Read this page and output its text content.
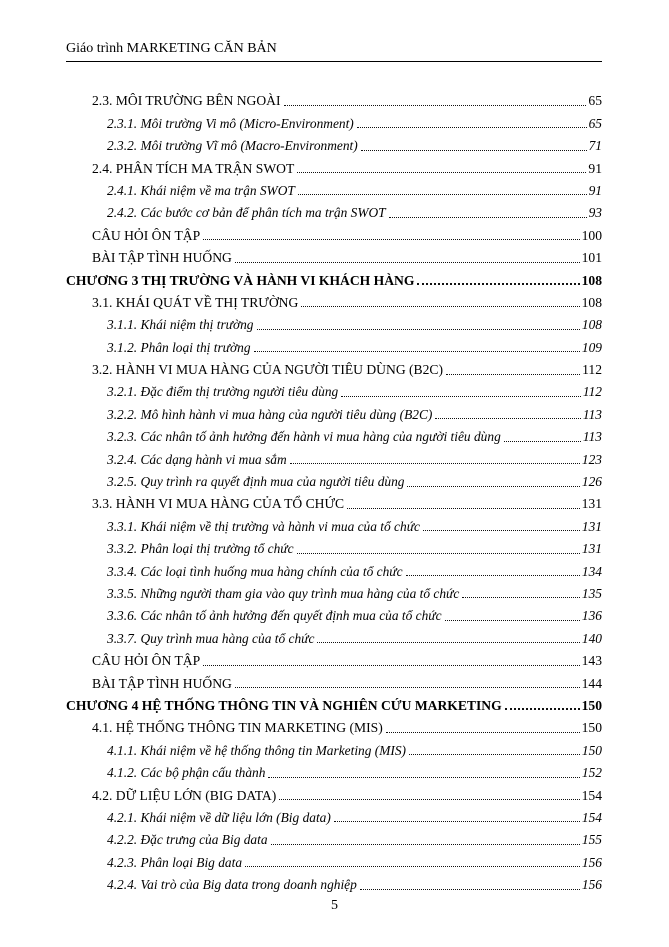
Giáo trình MARKETING CĂN BẢN
2.3. MÔI TRƯỜNG BÊN NGOÀI	65
2.3.1. Môi trường Vi mô (Micro-Environment)	65
2.3.2. Môi trường Vĩ mô (Macro-Environment)	71
2.4. PHÂN TÍCH MA TRẬN SWOT	91
2.4.1. Khái niệm về ma trận SWOT	91
2.4.2. Các bước cơ bản để phân tích ma trận SWOT	93
CÂU HỎI ÔN TẬP	100
BÀI TẬP TÌNH HUỐNG	101
CHƯƠNG 3 THỊ TRƯỜNG VÀ HÀNH VI KHÁCH HÀNG	108
3.1. KHÁI QUÁT VỀ THỊ TRƯỜNG	108
3.1.1. Khái niệm thị trường	108
3.1.2. Phân loại thị trường	109
3.2. HÀNH VI MUA HÀNG CỦA NGƯỜI TIÊU DÙNG (B2C)	112
3.2.1. Đặc điểm thị trường người tiêu dùng	112
3.2.2. Mô hình hành vi mua hàng của người tiêu dùng (B2C)	113
3.2.3. Các nhân tố ảnh hưởng đến hành vi mua hàng của người tiêu dùng	113
3.2.4. Các dạng hành vi mua sắm	123
3.2.5. Quy trình ra quyết định mua của người tiêu dùng	126
3.3. HÀNH VI MUA HÀNG CỦA TỔ CHỨC	131
3.3.1. Khái niệm về thị trường và hành vi mua của tổ chức	131
3.3.2. Phân loại thị trường tổ chức	131
3.3.4. Các loại tình huống mua hàng chính của tổ chức	134
3.3.5. Những người tham gia vào quy trình mua hàng của tổ chức	135
3.3.6. Các nhân tố ảnh hưởng đến quyết định mua của tổ chức	136
3.3.7. Quy trình mua hàng của tổ chức	140
CÂU HỎI ÔN TẬP	143
BÀI TẬP TÌNH HUỐNG	144
CHƯƠNG 4 HỆ THỐNG THÔNG TIN VÀ NGHIÊN CỨU MARKETING	150
4.1. HỆ THỐNG THÔNG TIN MARKETING (MIS)	150
4.1.1. Khái niệm về hệ thống thông tin Marketing (MIS)	150
4.1.2. Các bộ phận cấu thành	152
4.2. DỮ LIỆU LỚN (BIG DATA)	154
4.2.1. Khái niệm về dữ liệu lớn (Big data)	154
4.2.2. Đặc trưng của Big data	155
4.2.3. Phân loại Big data	156
4.2.4. Vai trò của Big data trong doanh nghiệp	156
5
